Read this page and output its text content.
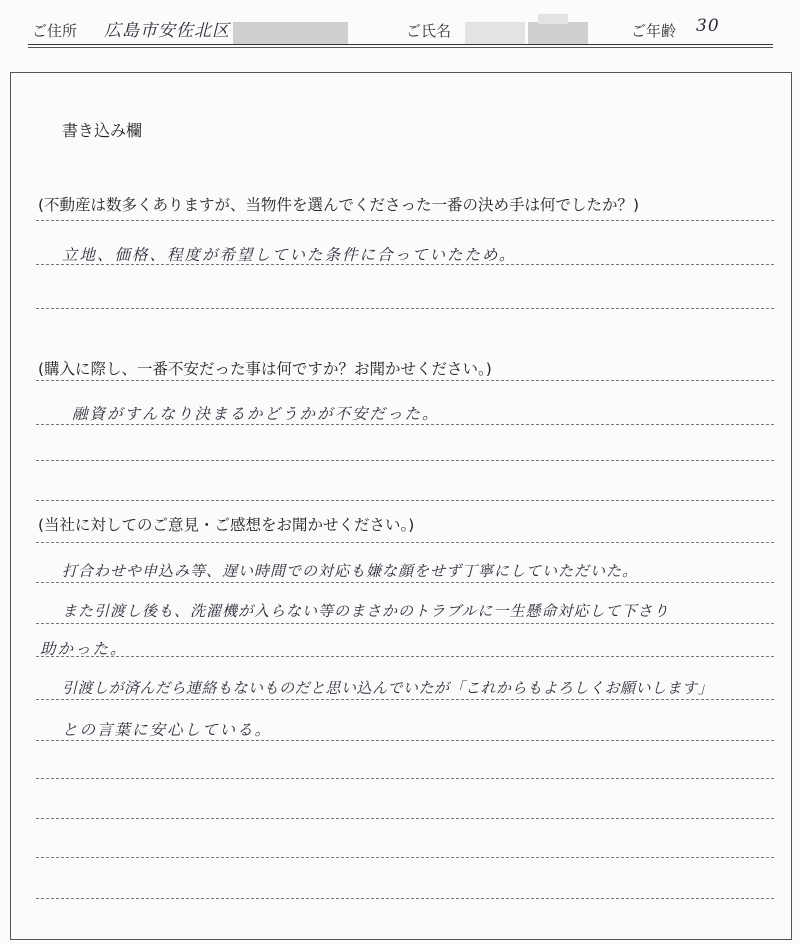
ご住所 広島市安佐北区	ご氏名	ご年齢 30
書き込み欄
(不動産は数多くありますが、当物件を選んでくださった一番の決め手は何でしたか？)
立地、価格、程度が希望していた条件に合っていたため。
(購入に際し、一番不安だった事は何ですか？お聞かせください。)
融資がすんなり決まるかどうかが不安だった。
(当社に対してのご意見・ご感想をお聞かせください。)
打合わせや申込み等、遅い時間での対応も嫌な顔をせず丁寧にしていただいた。
また引渡し後も、洗濯機が入らない等のまさかのトラブルに一生懸命対応して下さり
助かった。
引渡しが済んだら連絡もないものだと思い込んでいたが「これからもよろしくお願いします」
との言葉に安心している。
